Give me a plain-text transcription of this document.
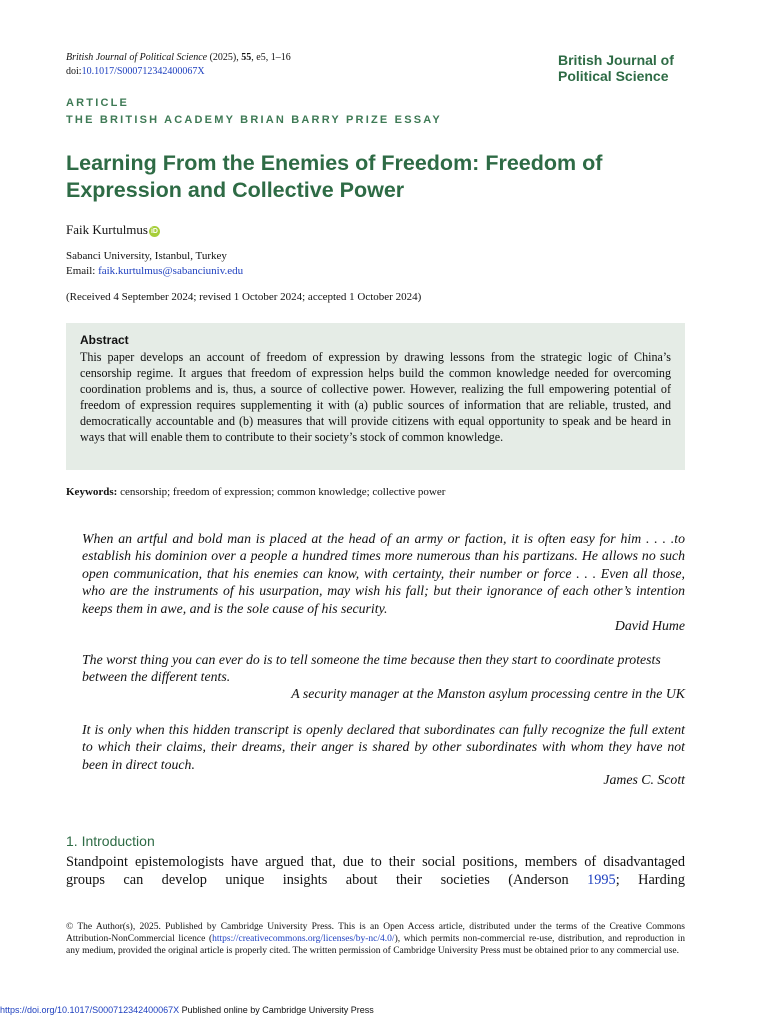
British Journal of Political Science (2025), 55, e5, 1–16
doi:10.1017/S000712342400067X
British Journal of
Political Science
ARTICLE
THE BRITISH ACADEMY BRIAN BARRY PRIZE ESSAY
Learning From the Enemies of Freedom: Freedom of Expression and Collective Power
Faik Kurtulmus iD
Sabanci University, Istanbul, Turkey
Email: faik.kurtulmus@sabanciuniv.edu
(Received 4 September 2024; revised 1 October 2024; accepted 1 October 2024)
Abstract

This paper develops an account of freedom of expression by drawing lessons from the strategic logic of China’s censorship regime. It argues that freedom of expression helps build the common knowledge needed for overcoming coordination problems and is, thus, a source of collective power. However, realizing the full empowering potential of freedom of expression requires supplementing it with (a) public sources of information that are reliable, trusted, and democratically accountable and (b) measures that will provide citizens with equal opportunity to speak and be heard in ways that will enable them to contribute to their society’s stock of common knowledge.

Keywords: censorship; freedom of expression; common knowledge; collective power

When an artful and bold man is placed at the head of an army or faction, it is often easy for him . . . .to establish his dominion over a people a hundred times more numerous than his partizans. He allows no such open communication, that his enemies can know, with certainty, their number or force . . . Even all those, who are the instruments of his usurpation, may wish his fall; but their ignorance of each other’s intention keeps them in awe, and is the sole cause of his security.

David Hume

The worst thing you can ever do is to tell someone the time because then they start to coordinate protests between the different tents.

A security manager at the Manston asylum processing centre in the UK

It is only when this hidden transcript is openly declared that subordinates can fully recognize the full extent to which their claims, their dreams, their anger is shared by other subordinates with whom they have not been in direct touch.

James C. Scott
1. Introduction

Standpoint epistemologists have argued that, due to their social positions, members of disadvantaged groups can develop unique insights about their societies (Anderson 1995; Harding

© The Author(s), 2025. Published by Cambridge University Press. This is an Open Access article, distributed under the terms of the Creative Commons Attribution-NonCommercial licence (https://creativecommons.org/licenses/by-nc/4.0/), which permits non-commercial re-use, distribution, and reproduction in any medium, provided the original article is properly cited. The written permission of Cambridge University Press must be obtained prior to any commercial use.

https://doi.org/10.1017/S000712342400067X Published online by Cambridge University Press
